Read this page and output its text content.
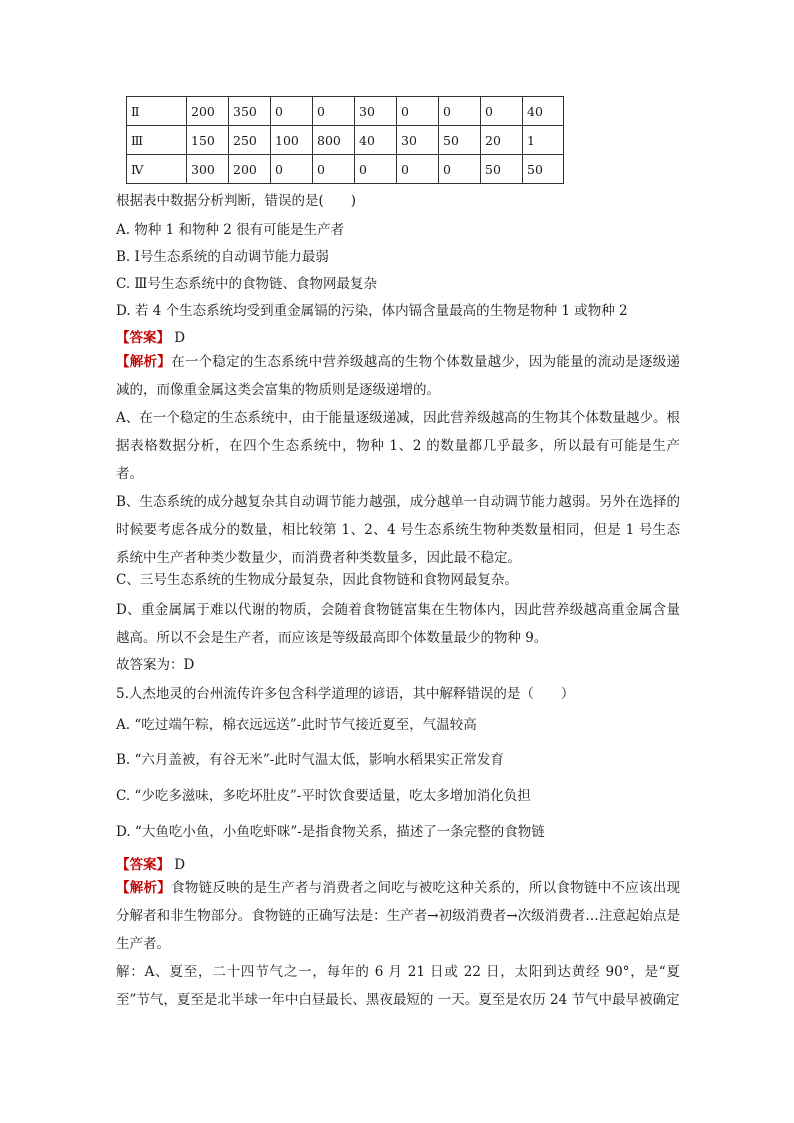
Ⅱ	200	350	0	0	30	0	0	0	40
Ⅲ	150	250	100	800	40	30	50	20	1
Ⅳ	300	200	0	0	0	0	0	50	50
根据表中数据分析判断，错误的是(　　)
A. 物种 1 和物种 2 很有可能是生产者
B. Ⅰ号生态系统的自动调节能力最弱
C. Ⅲ号生态系统中的食物链、食物网最复杂
D. 若 4 个生态系统均受到重金属镉的污染，体内镉含量最高的生物是物种 1 或物种 2
【答案】 D
【解析】在一个稳定的生态系统中营养级越高的生物个体数量越少，因为能量的流动是逐级递减的，而像重金属这类会富集的物质则是逐级递增的。
A、在一个稳定的生态系统中，由于能量逐级递减，因此营养级越高的生物其个体数量越少。根据表格数据分析，在四个生态系统中，物种 1、2 的数量都几乎最多，所以最有可能是生产者。
B、生态系统的成分越复杂其自动调节能力越强，成分越单一自动调节能力越弱。另外在选择的时候要考虑各成分的数量，相比较第 1、2、4 号生态系统生物种类数量相同，但是 1 号生态系统中生产者种类少数量少，而消费者种类数量多，因此最不稳定。
C、三号生态系统的生物成分最复杂，因此食物链和食物网最复杂。
D、重金属属于难以代谢的物质，会随着食物链富集在生物体内，因此营养级越高重金属含量越高。所以不会是生产者，而应该是等级最高即个体数量最少的物种 9。
故答案为：D
5.人杰地灵的台州流传许多包含科学道理的谚语，其中解释错误的是（　　）
A. “吃过端午粽，棉衣远远送”-此时节气接近夏至，气温较高
B. “六月盖被，有谷无米”-此时气温太低，影响水稻果实正常发育
C. “少吃多滋味，多吃坏肚皮”-平时饮食要适量，吃太多增加消化负担
D. “大鱼吃小鱼，小鱼吃虾咪”-是指食物关系，描述了一条完整的食物链
【答案】 D
【解析】食物链反映的是生产者与消费者之间吃与被吃这种关系的，所以食物链中不应该出现分解者和非生物部分。食物链的正确写法是：生产者→初级消费者→次级消费者…注意起始点是生产者。
解：A、夏至，二十四节气之一，每年的 6 月 21 日或 22 日，太阳到达黄经 90°，是“夏至”节气，夏至是北半球一年中白昼最长、黑夜最短的 一天。夏至是农历 24 节气中最早被确定
